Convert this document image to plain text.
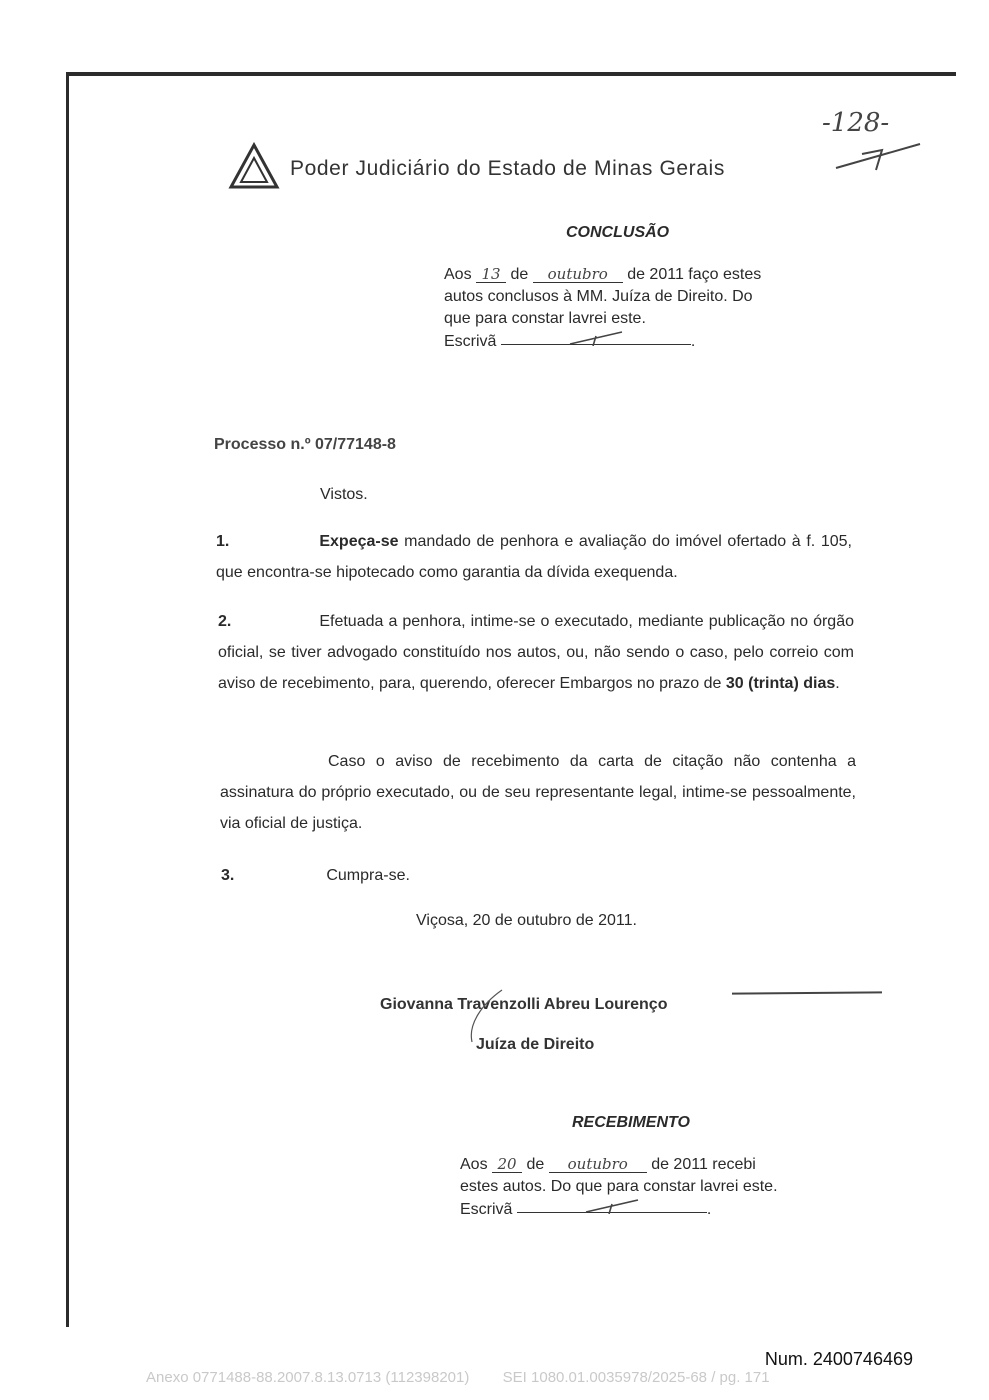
Poder Judiciário do Estado de Minas Gerais
-128-
CONCLUSÃO
Aos 13 de outubro de 2011 faço estes
autos conclusos à MM. Juíza de Direito. Do
que para constar lavrei este.
Escrivã	.
Processo n.º 07/77148-8
Vistos.
1.	Expeça-se mandado de penhora e avaliação do imóvel ofertado à f. 105, que encontra-se hipotecado como garantia da dívida exequenda.
2.	Efetuada a penhora, intime-se o executado, mediante publicação no órgão oficial, se tiver advogado constituído nos autos, ou, não sendo o caso, pelo correio com aviso de recebimento, para, querendo, oferecer Embargos no prazo de 30 (trinta) dias.
Caso o aviso de recebimento da carta de citação não contenha a assinatura do próprio executado, ou de seu representante legal, intime-se pessoalmente, via oficial de justiça.
3.	Cumpra-se.
Viçosa, 20 de outubro de 2011.
Giovanna Travenzolli Abreu Lourenço
Juíza de Direito
RECEBIMENTO
Aos 20 de outubro de 2011 recebi
estes autos. Do que para constar lavrei este.
Escrivã	.
Num. 2400746469
Anexo 0771488-88.2007.8.13.0713 (112398201)        SEI 1080.01.0035978/2025-68 / pg. 171
